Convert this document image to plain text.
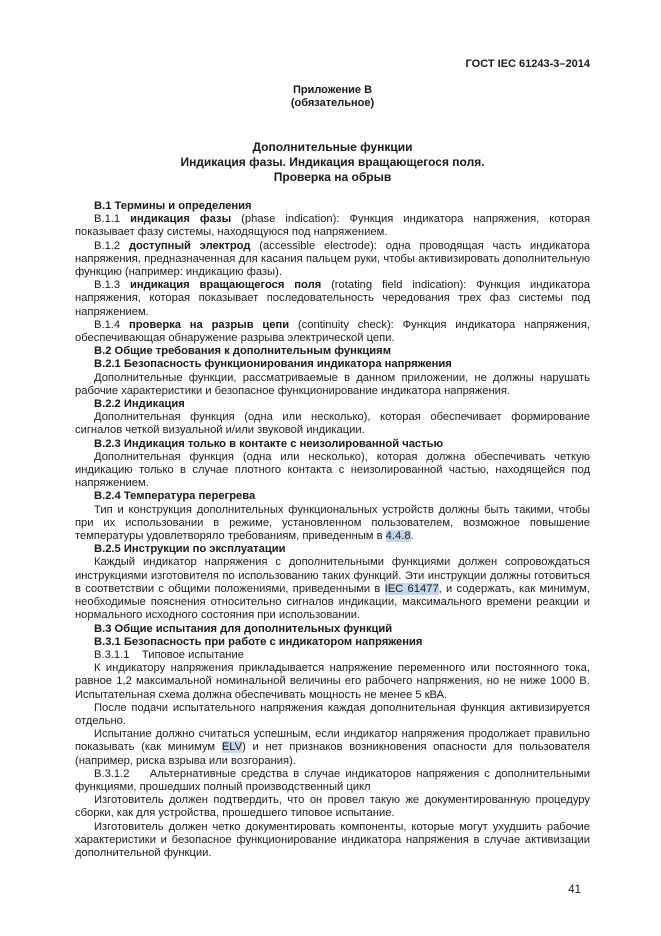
ГОСТ IEC 61243-3–2014
Приложение В
(обязательное)
Дополнительные функции
Индикация фазы. Индикация вращающегося поля.
Проверка на обрыв

В.1 Термины и определения

В.1.1 индикация фазы (phase indication): Функция индикатора напряжения, которая показывает фазу системы, находящуюся под напряжением.

В.1.2 доступный электрод (accessible electrode): одна проводящая часть индикатора напряжения, предназначенная для касания пальцем руки, чтобы активизировать дополнительную функцию (например: индикацию фазы).

В.1.3 индикация вращающегося поля (rotating field indication): Функция индикатора напряжения, которая показывает последовательность чередования трех фаз системы под напряжением.

В.1.4 проверка на разрыв цепи (continuity check): Функция индикатора напряжения, обеспечивающая обнаружение разрыва электрической цепи.

В.2 Общие требования к дополнительным функциям

В.2.1 Безопасность функционирования индикатора напряжения

Дополнительные функции, рассматриваемые в данном приложении, не должны нарушать рабочие характеристики и безопасное функционирование индикатора напряжения.

В.2.2 Индикация

Дополнительная функция (одна или несколько), которая обеспечивает формирование сигналов четкой визуальной и/или звуковой индикации.

В.2.3 Индикация только в контакте с неизолированной частью

Дополнительная функция (одна или несколько), которая должна обеспечивать четкую индикацию только в случае плотного контакта с неизолированной частью, находящейся под напряжением.

В.2.4 Температура перегрева

Тип и конструкция дополнительных функциональных устройств должны быть такими, чтобы при их использовании в режиме, установленном пользователем, возможное повышение температуры удовлетворяло требованиям, приведенным в 4.4.8.

В.2.5 Инструкции по эксплуатации

Каждый индикатор напряжения с дополнительными функциями должен сопровождаться инструкциями изготовителя по использованию таких функций. Эти инструкции должны готовиться в соответствии с общими положениями, приведенными в IEC 61477, и содержать, как минимум, необходимые пояснения относительно сигналов индикации, максимального времени реакции и нормального исходного состояния при использовании.

В.3 Общие испытания для дополнительных функций

В.3.1 Безопасность при работе с индикатором напряжения

В.3.1.1    Типовое испытание

К индикатору напряжения прикладывается напряжение переменного или постоянного тока, равное 1,2 максимальной номинальной величины его рабочего напряжения, но не ниже 1000 В. Испытательная схема должна обеспечивать мощность не менее 5 кВА.

После подачи испытательного напряжения каждая дополнительная функция активизируется отдельно.

Испытание должно считаться успешным, если индикатор напряжения продолжает правильно показывать (как минимум ELV) и нет признаков возникновения опасности для пользователя (например, риска взрыва или возгорания).

В.3.1.2    Альтернативные средства в случае индикаторов напряжения с дополнительными функциями, прошедших полный производственный цикл

Изготовитель должен подтвердить, что он провел такую же документированную процедуру сборки, как для устройства, прошедшего типовое испытание.

Изготовитель должен четко документировать компоненты, которые могут ухудшить рабочие характеристики и безопасное функционирование индикатора напряжения в случае активизации дополнительной функции.

41
